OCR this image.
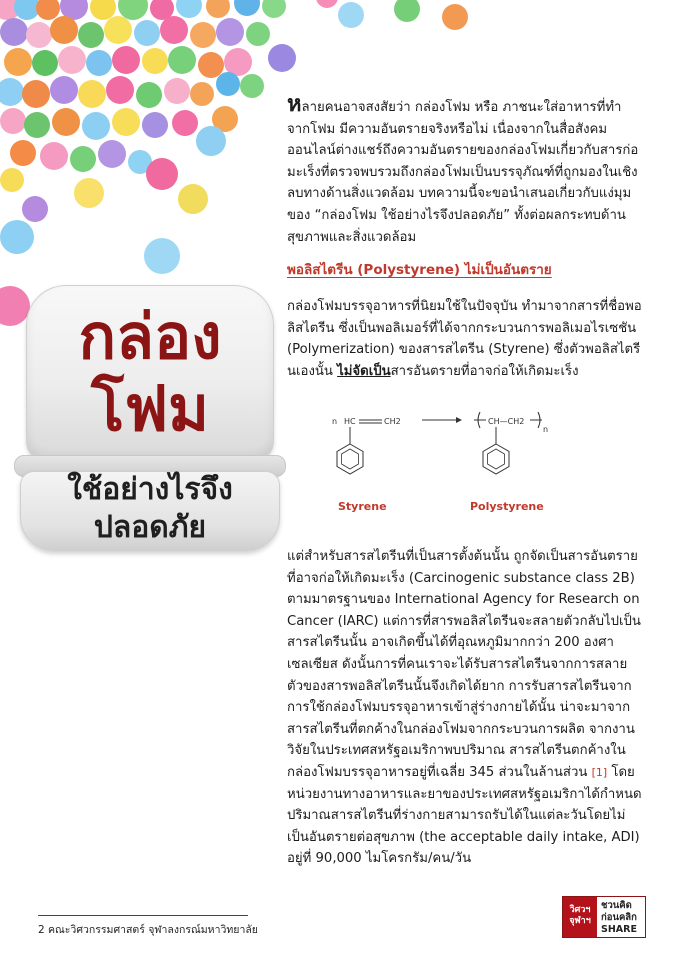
กล่อง
โฟม
ใช้อย่างไรจึง
ปลอดภัย
หลายคนอาจสงสัยว่า กล่องโฟม หรือ ภาชนะใส่อาหารที่ทำจากโฟม มีความอันตรายจริงหรือไม่ เนื่องจากในสื่อสังคมออนไลน์ต่างแชร์ถึงความอันตรายของกล่องโฟมเกี่ยวกับสารก่อมะเร็งที่ตรวจพบรวมถึงกล่องโฟมเป็นบรรจุภัณฑ์ที่ถูกมองในเชิงลบทางด้านสิ่งแวดล้อม บทความนี้จะขอนำเสนอเกี่ยวกับแง่มุมของ “กล่องโฟม ใช้อย่างไรจึงปลอดภัย” ทั้งต่อผลกระทบด้านสุขภาพและสิ่งแวดล้อม
พอลิสไตรีน (Polystyrene) ไม่เป็นอันตราย
กล่องโฟมบรรจุอาหารที่นิยมใช้ในปัจจุบัน ทำมาจากสารที่ชื่อพอลิสไตรีน ซึ่งเป็นพอลิเมอร์ที่ได้จากกระบวนการพอลิเมอไรเซชัน (Polymerization) ของสารสไตรีน (Styrene) ซึ่งตัวพอลิสไตรีนเองนั้น ไม่จัดเป็นสารอันตรายที่อาจก่อให้เกิดมะเร็ง
n HC	CH2	CH—CH2
n
Styrene	Polystyrene
แต่สำหรับสารสไตรีนที่เป็นสารตั้งต้นนั้น ถูกจัดเป็นสารอันตรายที่อาจก่อให้เกิดมะเร็ง (Carcinogenic substance class 2B) ตามมาตรฐานของ International Agency for Research on Cancer (IARC) แต่การที่สารพอลิสไตรีนจะสลายตัวกลับไปเป็นสารสไตรีนนั้น อาจเกิดขึ้นได้ที่อุณหภูมิมากกว่า 200 องศาเซลเซียส ดังนั้นการที่คนเราจะได้รับสารสไตรีนจากการสลายตัวของสารพอลิสไตรีนนั้นจึงเกิดได้ยาก การรับสารสไตรีนจากการใช้กล่องโฟมบรรจุอาหารเข้าสู่ร่างกายได้นั้น น่าจะมาจากสารสไตรีนที่ตกค้างในกล่องโฟมจากกระบวนการผลิต จากงานวิจัยในประเทศสหรัฐอเมริกาพบปริมาณ สารสไตรีนตกค้างในกล่องโฟมบรรจุอาหารอยู่ที่เฉลี่ย 345 ส่วนในล้านส่วน [1] โดยหน่วยงานทางอาหารและยาของประเทศสหรัฐอเมริกาได้กำหนดปริมาณสารสไตรีนที่ร่างกายสามารถรับได้ในแต่ละวันโดยไม่เป็นอันตรายต่อสุขภาพ (the acceptable daily intake, ADI) อยู่ที่ 90,000 ไมโครกรัม/คน/วัน
2 คณะวิศวกรรมศาสตร์ จุฬาลงกรณ์มหาวิทยาลัย
วิศวฯ
จุฬาฯ
ชวนคิด
ก่อนคลิก
SHARE
